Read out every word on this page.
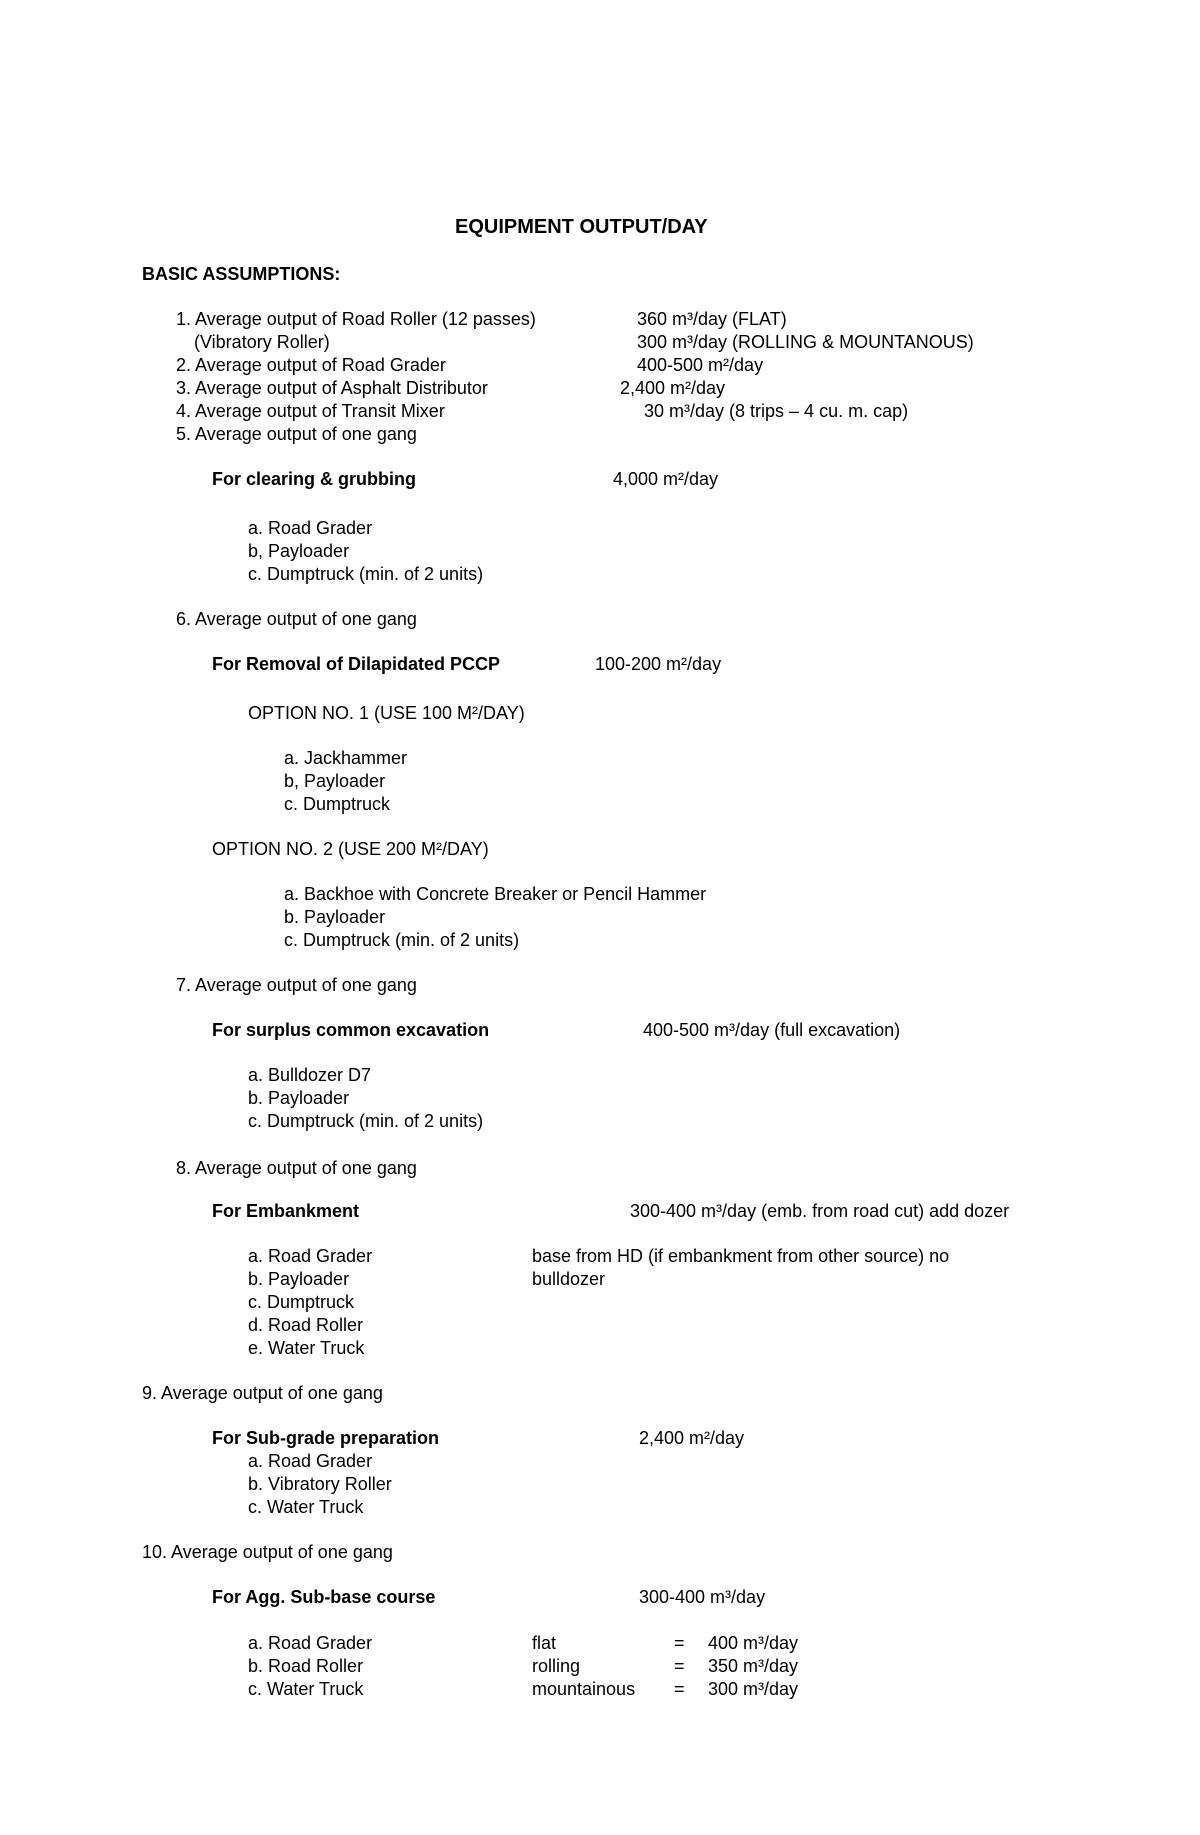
EQUIPMENT OUTPUT/DAY
BASIC ASSUMPTIONS:
1. Average output of Road Roller (12 passes)	360 m³/day (FLAT)
(Vibratory Roller)	300 m³/day (ROLLING & MOUNTANOUS)
2. Average output of Road Grader	400-500 m²/day
3. Average output of Asphalt Distributor	2,400 m²/day
4. Average output of Transit Mixer	30 m³/day (8 trips – 4 cu. m. cap)
5. Average output of one gang
For clearing & grubbing	4,000 m²/day
a. Road Grader
b, Payloader
c. Dumptruck (min. of 2 units)
6. Average output of one gang
For Removal of Dilapidated PCCP	100-200 m²/day
OPTION NO. 1 (USE 100 M²/DAY)
a. Jackhammer
b, Payloader
c. Dumptruck
OPTION NO. 2 (USE 200 M²/DAY)
a. Backhoe with Concrete Breaker or Pencil Hammer
b. Payloader
c. Dumptruck (min. of 2 units)
7. Average output of one gang
For surplus common excavation	400-500 m³/day (full excavation)
a. Bulldozer D7
b. Payloader
c. Dumptruck (min. of 2 units)
8. Average output of one gang
For Embankment	300-400 m³/day (emb. from road cut) add dozer
a. Road Grader	base from HD (if embankment from other source) no
b. Payloader	bulldozer
c. Dumptruck
d. Road Roller
e. Water Truck
9. Average output of one gang
For Sub-grade preparation	2,400 m²/day
a. Road Grader
b. Vibratory Roller
c. Water Truck
10. Average output of one gang
For Agg. Sub-base course	300-400 m³/day
a. Road Grader	flat	= 400 m³/day
b. Road Roller	rolling	= 350 m³/day
c. Water Truck	mountainous = 300 m³/day
